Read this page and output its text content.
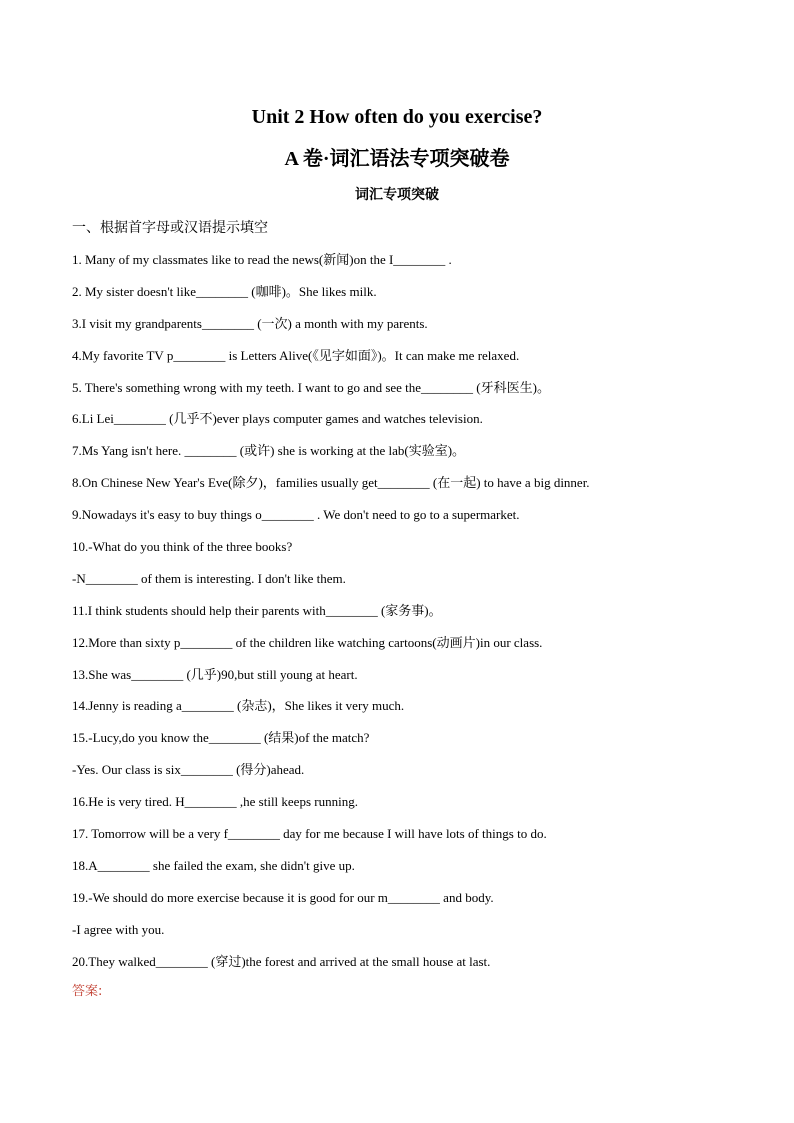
Unit 2 How often do you exercise?
A 卷·词汇语法专项突破卷
词汇专项突破

一、根据首字母或汉语提示填空

1. Many of my classmates like to read the news(新闻)on the I________ .
2. My sister doesn't like________ (咖啡)。She likes milk.
3.I visit my grandparents________ (一次) a month with my parents.
4.My favorite TV p________ is Letters Alive(《见字如面》)。It can make me relaxed.
5. There's something wrong with my teeth. I want to go and see the________ (牙科医生)。
6.Li Lei________ (几乎不)ever plays computer games and watches television.
7.Ms Yang isn't here. ________ (或许) she is working at the lab(实验室)。
8.On Chinese New Year's Eve(除夕)，families usually get________ (在一起) to have a big dinner.
9.Nowadays it's easy to buy things o________ . We don't need to go to a supermarket.
10.-What do you think of the three books?
-N________ of them is interesting. I don't like them.
11.I think students should help their parents with________ (家务事)。
12.More than sixty p________ of the children like watching cartoons(动画片)in our class.
13.She was________ (几乎)90,but still young at heart.
14.Jenny is reading a________ (杂志)，She likes it very much.
15.-Lucy,do you know the________ (结果)of the match?
-Yes. Our class is six________ (得分)ahead.
16.He is very tired. H________ ,he still keeps running.
17. Tomorrow will be a very f________ day for me because I will have lots of things to do.
18.A________ she failed the exam, she didn't give up.
19.-We should do more exercise because it is good for our m________ and body.
-I agree with you.
20.They walked________ (穿过)the forest and arrived at the small house at last.

答案:
